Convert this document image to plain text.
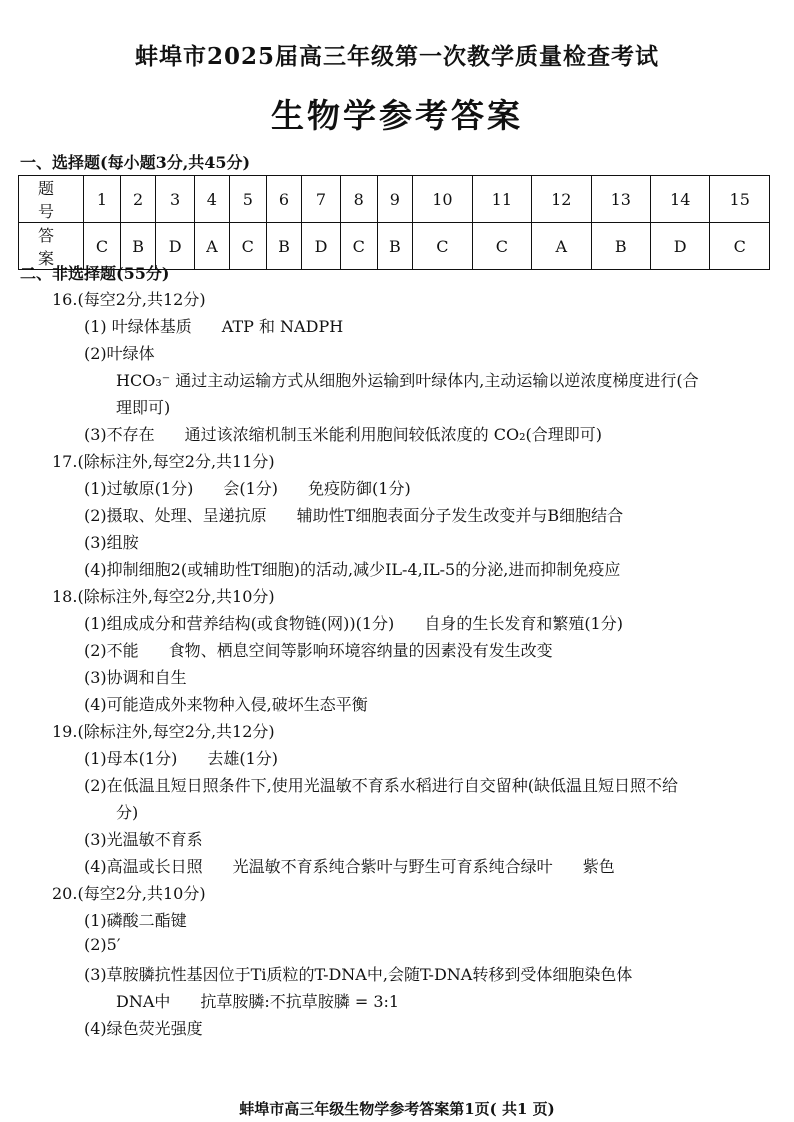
蚌埠市2025届高三年级第一次教学质量检查考试
生物学参考答案
一、选择题(每小题3分,共45分)
题 号	1	2	3	4	5	6	7	8	9	10	11	12	13	14	15
答 案	C	B	D	A	C	B	D	C	B	C	C	A	B	D	C
二、非选择题(55分)
16.(每空2分,共12分)
(1) 叶绿体基质 ATP 和 NADPH
(2)叶绿体
HCO₃⁻ 通过主动运输方式从细胞外运输到叶绿体内,主动运输以逆浓度梯度进行(合
理即可)
(3)不存在 通过该浓缩机制玉米能利用胞间较低浓度的 CO₂(合理即可)
17.(除标注外,每空2分,共11分)
(1)过敏原(1分) 会(1分) 免疫防御(1分)
(2)摄取、处理、呈递抗原 辅助性T细胞表面分子发生改变并与B细胞结合
(3)组胺
(4)抑制细胞2(或辅助性T细胞)的活动,减少IL-4,IL-5的分泌,进而抑制免疫应
18.(除标注外,每空2分,共10分)
(1)组成成分和营养结构(或食物链(网))(1分) 自身的生长发育和繁殖(1分)
(2)不能 食物、栖息空间等影响环境容纳量的因素没有发生改变
(3)协调和自生
(4)可能造成外来物种入侵,破坏生态平衡
19.(除标注外,每空2分,共12分)
(1)母本(1分) 去雄(1分)
(2)在低温且短日照条件下,使用光温敏不育系水稻进行自交留种(缺低温且短日照不给
分)
(3)光温敏不育系
(4)高温或长日照 光温敏不育系纯合紫叶与野生可育系纯合绿叶 紫色
20.(每空2分,共10分)
(1)磷酸二酯键
(2)5′
(3)草胺膦抗性基因位于Ti质粒的T-DNA中,会随T-DNA转移到受体细胞染色体
DNA中 抗草胺膦:不抗草胺膦 = 3:1
(4)绿色荧光强度
蚌埠市高三年级生物学参考答案第1页( 共1 页)
